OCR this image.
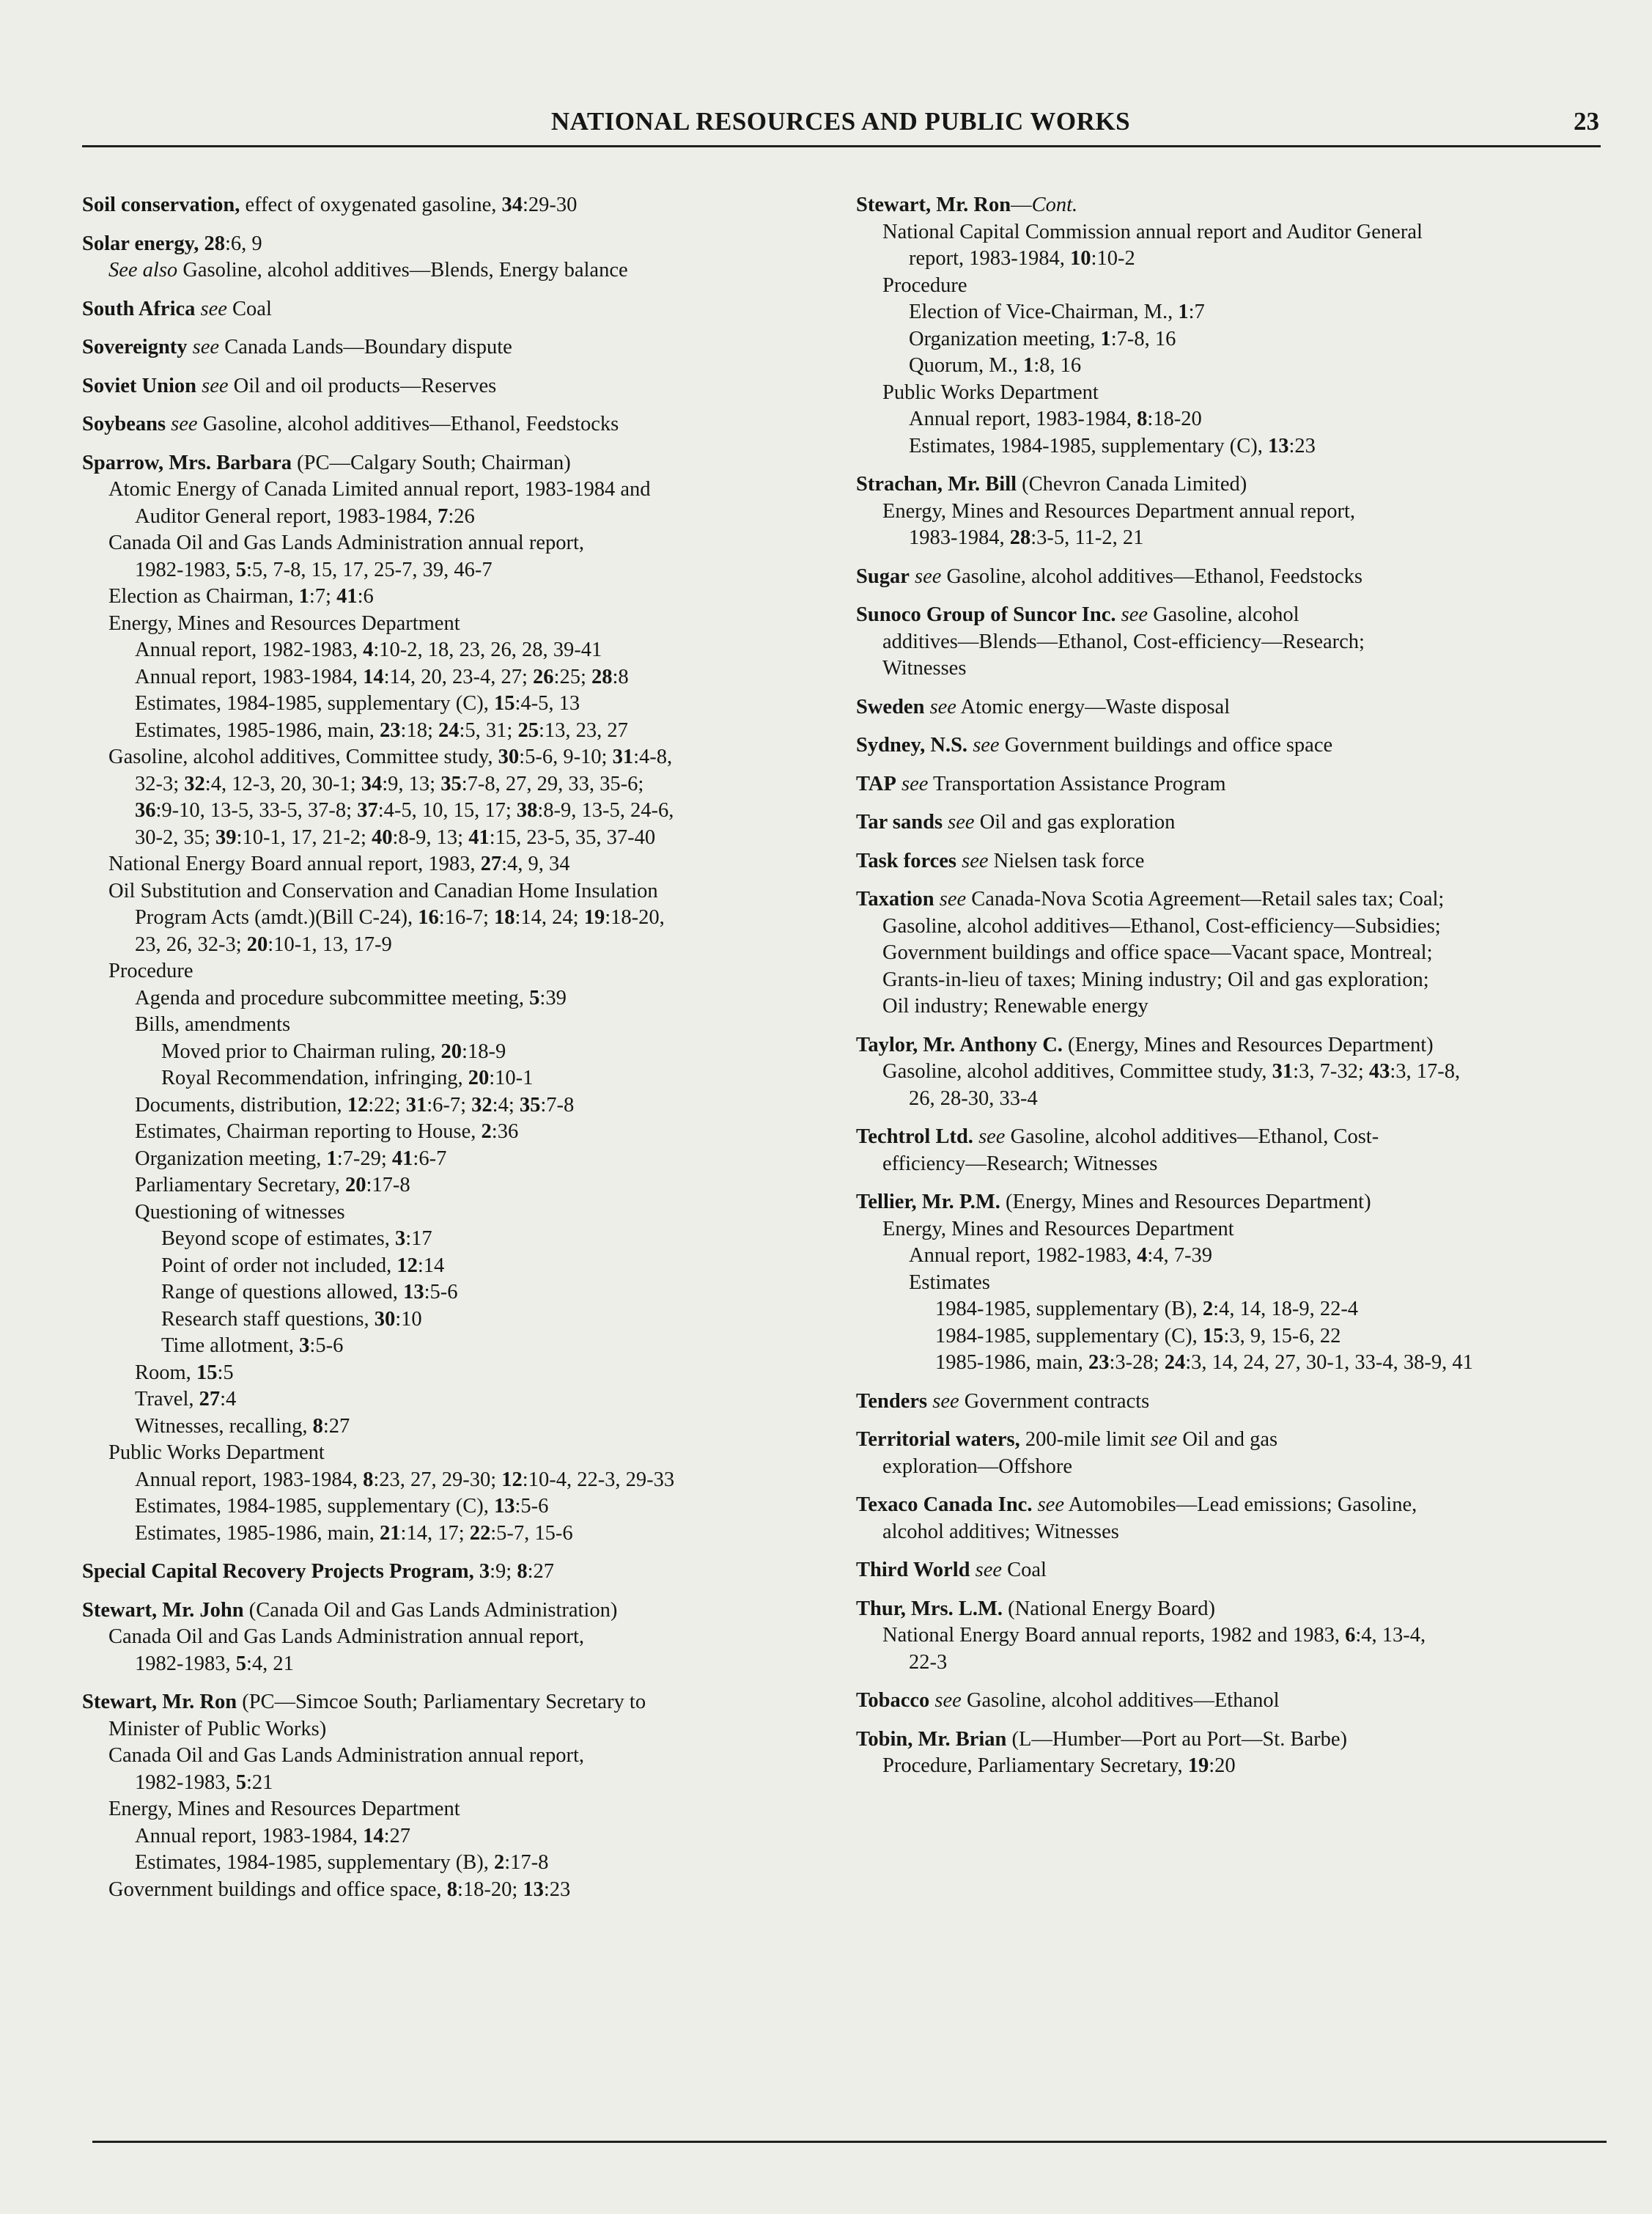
NATIONAL RESOURCES AND PUBLIC WORKS	23
Soil conservation, effect of oxygenated gasoline, 34:29-30
Solar energy, 28:6, 9
See also Gasoline, alcohol additives—Blends, Energy balance
South Africa see Coal
Sovereignty see Canada Lands—Boundary dispute
Soviet Union see Oil and oil products—Reserves
Soybeans see Gasoline, alcohol additives—Ethanol, Feedstocks
Sparrow, Mrs. Barbara (PC—Calgary South; Chairman)
Atomic Energy of Canada Limited annual report, 1983-1984 and
Auditor General report, 1983-1984, 7:26
Canada Oil and Gas Lands Administration annual report,
1982-1983, 5:5, 7-8, 15, 17, 25-7, 39, 46-7
Election as Chairman, 1:7; 41:6
Energy, Mines and Resources Department
Annual report, 1982-1983, 4:10-2, 18, 23, 26, 28, 39-41
Annual report, 1983-1984, 14:14, 20, 23-4, 27; 26:25; 28:8
Estimates, 1984-1985, supplementary (C), 15:4-5, 13
Estimates, 1985-1986, main, 23:18; 24:5, 31; 25:13, 23, 27
Gasoline, alcohol additives, Committee study, 30:5-6, 9-10; 31:4-8,
32-3; 32:4, 12-3, 20, 30-1; 34:9, 13; 35:7-8, 27, 29, 33, 35-6;
36:9-10, 13-5, 33-5, 37-8; 37:4-5, 10, 15, 17; 38:8-9, 13-5, 24-6,
30-2, 35; 39:10-1, 17, 21-2; 40:8-9, 13; 41:15, 23-5, 35, 37-40
National Energy Board annual report, 1983, 27:4, 9, 34
Oil Substitution and Conservation and Canadian Home Insulation
Program Acts (amdt.)(Bill C-24), 16:16-7; 18:14, 24; 19:18-20,
23, 26, 32-3; 20:10-1, 13, 17-9
Procedure
Agenda and procedure subcommittee meeting, 5:39
Bills, amendments
Moved prior to Chairman ruling, 20:18-9
Royal Recommendation, infringing, 20:10-1
Documents, distribution, 12:22; 31:6-7; 32:4; 35:7-8
Estimates, Chairman reporting to House, 2:36
Organization meeting, 1:7-29; 41:6-7
Parliamentary Secretary, 20:17-8
Questioning of witnesses
Beyond scope of estimates, 3:17
Point of order not included, 12:14
Range of questions allowed, 13:5-6
Research staff questions, 30:10
Time allotment, 3:5-6
Room, 15:5
Travel, 27:4
Witnesses, recalling, 8:27
Public Works Department
Annual report, 1983-1984, 8:23, 27, 29-30; 12:10-4, 22-3, 29-33
Estimates, 1984-1985, supplementary (C), 13:5-6
Estimates, 1985-1986, main, 21:14, 17; 22:5-7, 15-6
Special Capital Recovery Projects Program, 3:9; 8:27
Stewart, Mr. John (Canada Oil and Gas Lands Administration)
Canada Oil and Gas Lands Administration annual report,
1982-1983, 5:4, 21
Stewart, Mr. Ron (PC—Simcoe South; Parliamentary Secretary to
Minister of Public Works)
Canada Oil and Gas Lands Administration annual report,
1982-1983, 5:21
Energy, Mines and Resources Department
Annual report, 1983-1984, 14:27
Estimates, 1984-1985, supplementary (B), 2:17-8
Government buildings and office space, 8:18-20; 13:23
Stewart, Mr. Ron—Cont.
National Capital Commission annual report and Auditor General
report, 1983-1984, 10:10-2
Procedure
Election of Vice-Chairman, M., 1:7
Organization meeting, 1:7-8, 16
Quorum, M., 1:8, 16
Public Works Department
Annual report, 1983-1984, 8:18-20
Estimates, 1984-1985, supplementary (C), 13:23
Strachan, Mr. Bill (Chevron Canada Limited)
Energy, Mines and Resources Department annual report,
1983-1984, 28:3-5, 11-2, 21
Sugar see Gasoline, alcohol additives—Ethanol, Feedstocks
Sunoco Group of Suncor Inc. see Gasoline, alcohol
additives—Blends—Ethanol, Cost-efficiency—Research;
Witnesses
Sweden see Atomic energy—Waste disposal
Sydney, N.S. see Government buildings and office space
TAP see Transportation Assistance Program
Tar sands see Oil and gas exploration
Task forces see Nielsen task force
Taxation see Canada-Nova Scotia Agreement—Retail sales tax; Coal;
Gasoline, alcohol additives—Ethanol, Cost-efficiency—Subsidies;
Government buildings and office space—Vacant space, Montreal;
Grants-in-lieu of taxes; Mining industry; Oil and gas exploration;
Oil industry; Renewable energy
Taylor, Mr. Anthony C. (Energy, Mines and Resources Department)
Gasoline, alcohol additives, Committee study, 31:3, 7-32; 43:3, 17-8,
26, 28-30, 33-4
Techtrol Ltd. see Gasoline, alcohol additives—Ethanol, Cost-
efficiency—Research; Witnesses
Tellier, Mr. P.M. (Energy, Mines and Resources Department)
Energy, Mines and Resources Department
Annual report, 1982-1983, 4:4, 7-39
Estimates
1984-1985, supplementary (B), 2:4, 14, 18-9, 22-4
1984-1985, supplementary (C), 15:3, 9, 15-6, 22
1985-1986, main, 23:3-28; 24:3, 14, 24, 27, 30-1, 33-4, 38-9, 41
Tenders see Government contracts
Territorial waters, 200-mile limit see Oil and gas
exploration—Offshore
Texaco Canada Inc. see Automobiles—Lead emissions; Gasoline,
alcohol additives; Witnesses
Third World see Coal
Thur, Mrs. L.M. (National Energy Board)
National Energy Board annual reports, 1982 and 1983, 6:4, 13-4,
22-3
Tobacco see Gasoline, alcohol additives—Ethanol
Tobin, Mr. Brian (L—Humber—Port au Port—St. Barbe)
Procedure, Parliamentary Secretary, 19:20
